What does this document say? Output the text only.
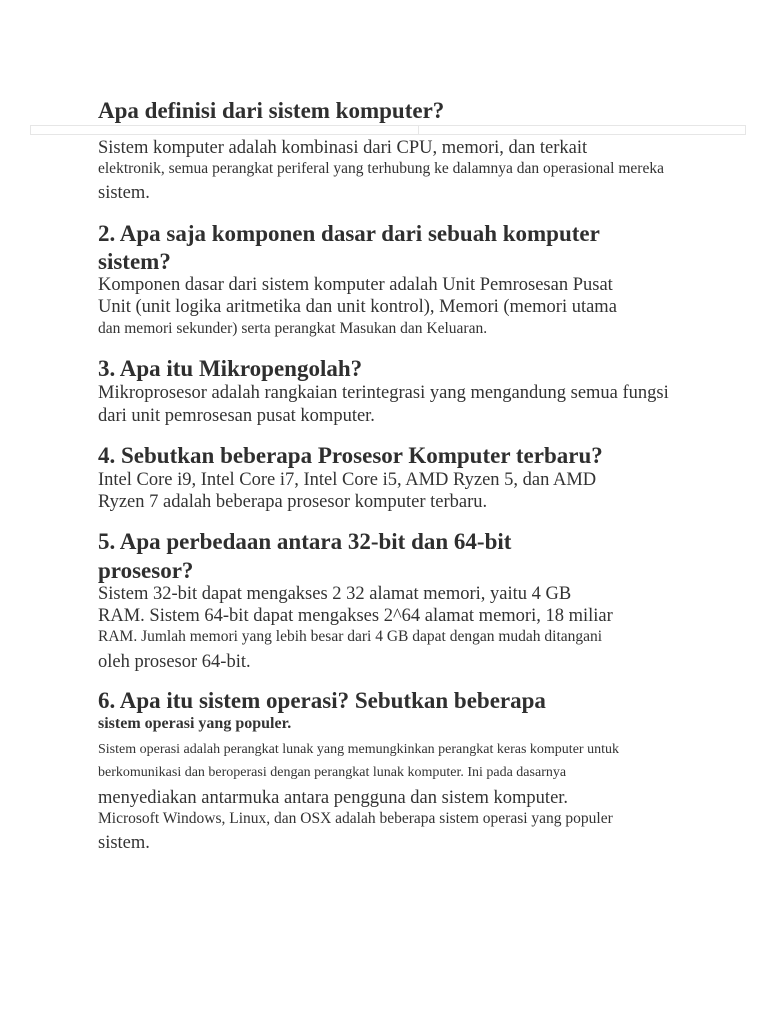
Apa definisi dari sistem komputer?
Sistem komputer adalah kombinasi dari CPU, memori, dan terkait
elektronik, semua perangkat periferal yang terhubung ke dalamnya dan operasional mereka
sistem.
2. Apa saja komponen dasar dari sebuah komputer
sistem?
Komponen dasar dari sistem komputer adalah Unit Pemrosesan Pusat
Unit (unit logika aritmetika dan unit kontrol), Memori (memori utama
dan memori sekunder) serta perangkat Masukan dan Keluaran.
3. Apa itu Mikropengolah?
Mikroprosesor adalah rangkaian terintegrasi yang mengandung semua fungsi
dari unit pemrosesan pusat komputer.
4. Sebutkan beberapa Prosesor Komputer terbaru?
Intel Core i9, Intel Core i7, Intel Core i5, AMD Ryzen 5, dan AMD
Ryzen 7 adalah beberapa prosesor komputer terbaru.
5. Apa perbedaan antara 32-bit dan 64-bit
prosesor?
Sistem 32-bit dapat mengakses 2 32 alamat memori, yaitu 4 GB
RAM. Sistem 64-bit dapat mengakses 2^64 alamat memori, 18 miliar
RAM. Jumlah memori yang lebih besar dari 4 GB dapat dengan mudah ditangani
oleh prosesor 64-bit.
6. Apa itu sistem operasi? Sebutkan beberapa
sistem operasi yang populer.
Sistem operasi adalah perangkat lunak yang memungkinkan perangkat keras komputer untuk
berkomunikasi dan beroperasi dengan perangkat lunak komputer. Ini pada dasarnya
menyediakan antarmuka antara pengguna dan sistem komputer.
Microsoft Windows, Linux, dan OSX adalah beberapa sistem operasi yang populer
sistem.
